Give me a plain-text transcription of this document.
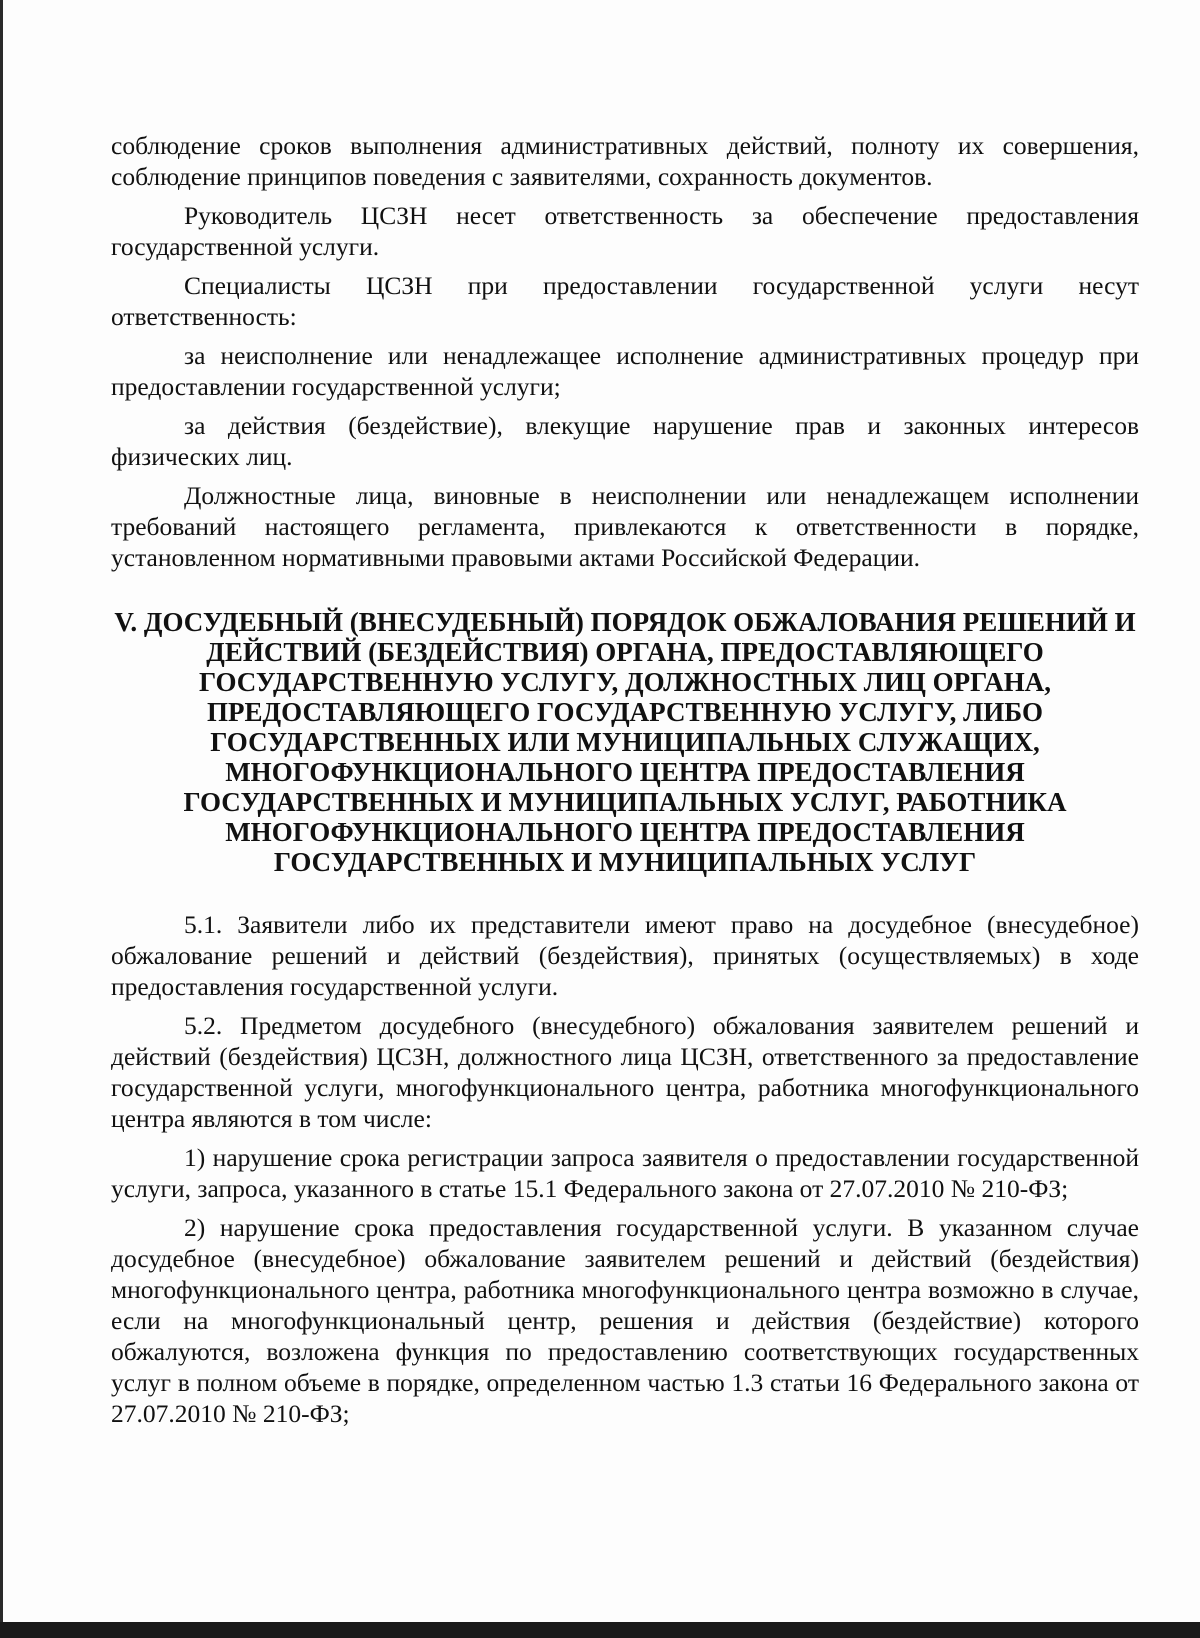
соблюдение сроков выполнения административных действий, полноту их совершения, соблюдение принципов поведения с заявителями, сохранность документов.

Руководитель ЦСЗН несет ответственность за обеспечение предоставления государственной услуги.

Специалисты ЦСЗН при предоставлении государственной услуги несут ответственность:

за неисполнение или ненадлежащее исполнение административных процедур при предоставлении государственной услуги;

за действия (бездействие), влекущие нарушение прав и законных интересов физических лиц.

Должностные лица, виновные в неисполнении или ненадлежащем исполнении требований настоящего регламента, привлекаются к ответственности в порядке, установленном нормативными правовыми актами Российской Федерации.

V. ДОСУДЕБНЫЙ (ВНЕСУДЕБНЫЙ) ПОРЯДОК ОБЖАЛОВАНИЯ РЕШЕНИЙ И ДЕЙСТВИЙ (БЕЗДЕЙСТВИЯ) ОРГАНА, ПРЕДОСТАВЛЯЮЩЕГО ГОСУДАРСТВЕННУЮ УСЛУГУ, ДОЛЖНОСТНЫХ ЛИЦ ОРГАНА, ПРЕДОСТАВЛЯЮЩЕГО ГОСУДАРСТВЕННУЮ УСЛУГУ, ЛИБО ГОСУДАРСТВЕННЫХ ИЛИ МУНИЦИПАЛЬНЫХ СЛУЖАЩИХ, МНОГОФУНКЦИОНАЛЬНОГО ЦЕНТРА ПРЕДОСТАВЛЕНИЯ ГОСУДАРСТВЕННЫХ И МУНИЦИПАЛЬНЫХ УСЛУГ, РАБОТНИКА МНОГОФУНКЦИОНАЛЬНОГО ЦЕНТРА ПРЕДОСТАВЛЕНИЯ ГОСУДАРСТВЕННЫХ И МУНИЦИПАЛЬНЫХ УСЛУГ

5.1. Заявители либо их представители имеют право на досудебное (внесудебное) обжалование решений и действий (бездействия), принятых (осуществляемых) в ходе предоставления государственной услуги.

5.2. Предметом досудебного (внесудебного) обжалования заявителем решений и действий (бездействия) ЦСЗН, должностного лица ЦСЗН, ответственного за предоставление государственной услуги, многофункционального центра, работника многофункционального центра являются в том числе:

1) нарушение срока регистрации запроса заявителя о предоставлении государственной услуги, запроса, указанного в статье 15.1 Федерального закона от 27.07.2010 № 210-ФЗ;

2) нарушение срока предоставления государственной услуги. В указанном случае досудебное (внесудебное) обжалование заявителем решений и действий (бездействия) многофункционального центра, работника многофункционального центра возможно в случае, если на многофункциональный центр, решения и действия (бездействие) которого обжалуются, возложена функция по предоставлению соответствующих государственных услуг в полном объеме в порядке, определенном частью 1.3 статьи 16 Федерального закона от 27.07.2010 № 210-ФЗ;
